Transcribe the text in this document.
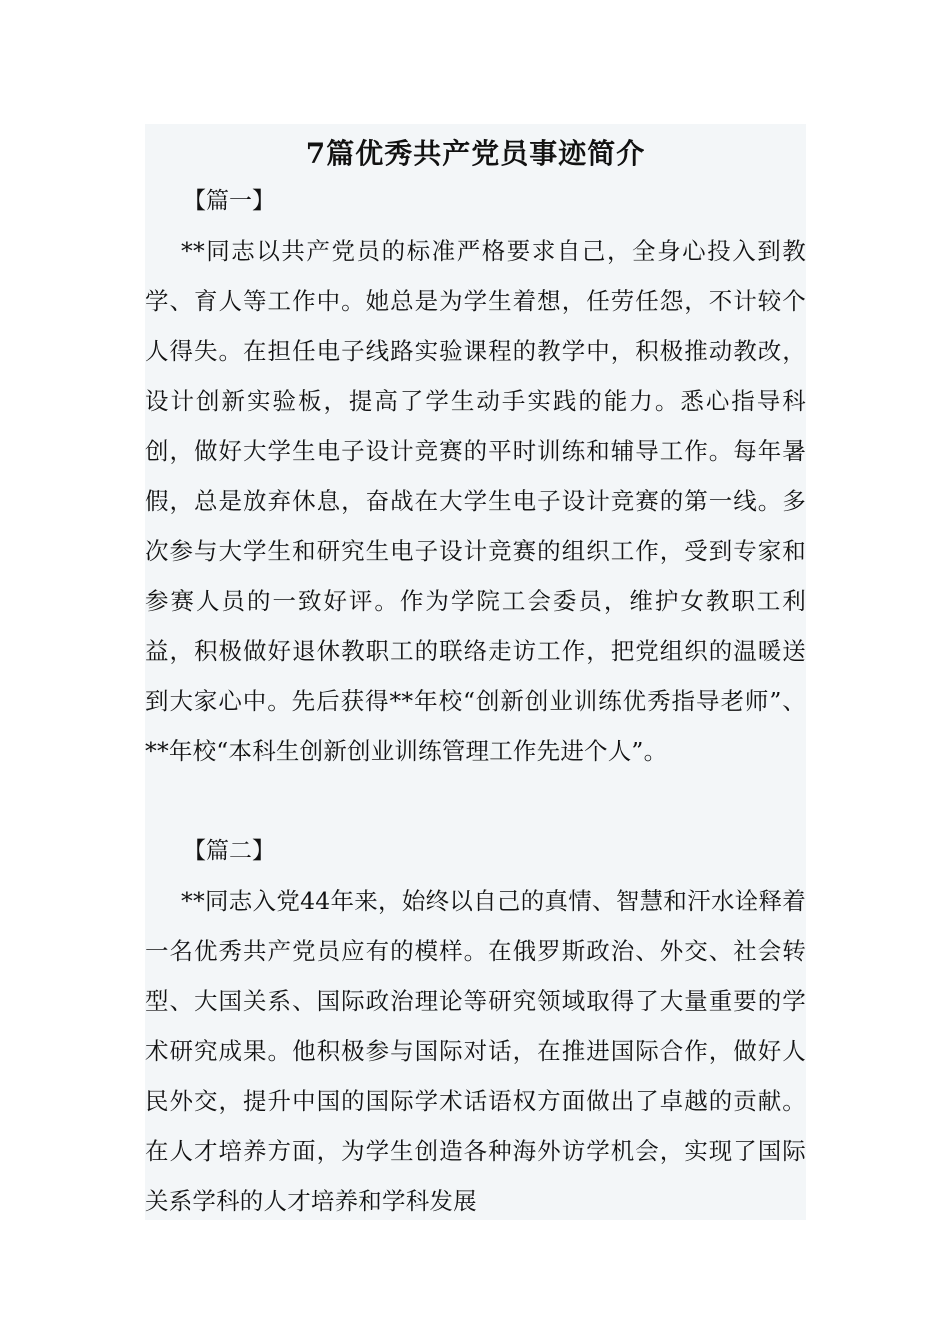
7篇优秀共产党员事迹简介

【篇一】

**同志以共产党员的标准严格要求自己，全身心投入到教学、育人等工作中。她总是为学生着想，任劳任怨，不计较个人得失。在担任电子线路实验课程的教学中，积极推动教改，设计创新实验板，提高了学生动手实践的能力。悉心指导科创，做好大学生电子设计竞赛的平时训练和辅导工作。每年暑假，总是放弃休息，奋战在大学生电子设计竞赛的第一线。多次参与大学生和研究生电子设计竞赛的组织工作，受到专家和参赛人员的一致好评。作为学院工会委员，维护女教职工利益，积极做好退休教职工的联络走访工作，把党组织的温暖送到大家心中。先后获得**年校“创新创业训练优秀指导老师”、**年校“本科生创新创业训练管理工作先进个人”。

【篇二】

**同志入党44年来，始终以自己的真情、智慧和汗水诠释着一名优秀共产党员应有的模样。在俄罗斯政治、外交、社会转型、大国关系、国际政治理论等研究领域取得了大量重要的学术研究成果。他积极参与国际对话，在推进国际合作，做好人民外交，提升中国的国际学术话语权方面做出了卓越的贡献。在人才培养方面，为学生创造各种海外访学机会，实现了国际关系学科的人才培养和学科发展
